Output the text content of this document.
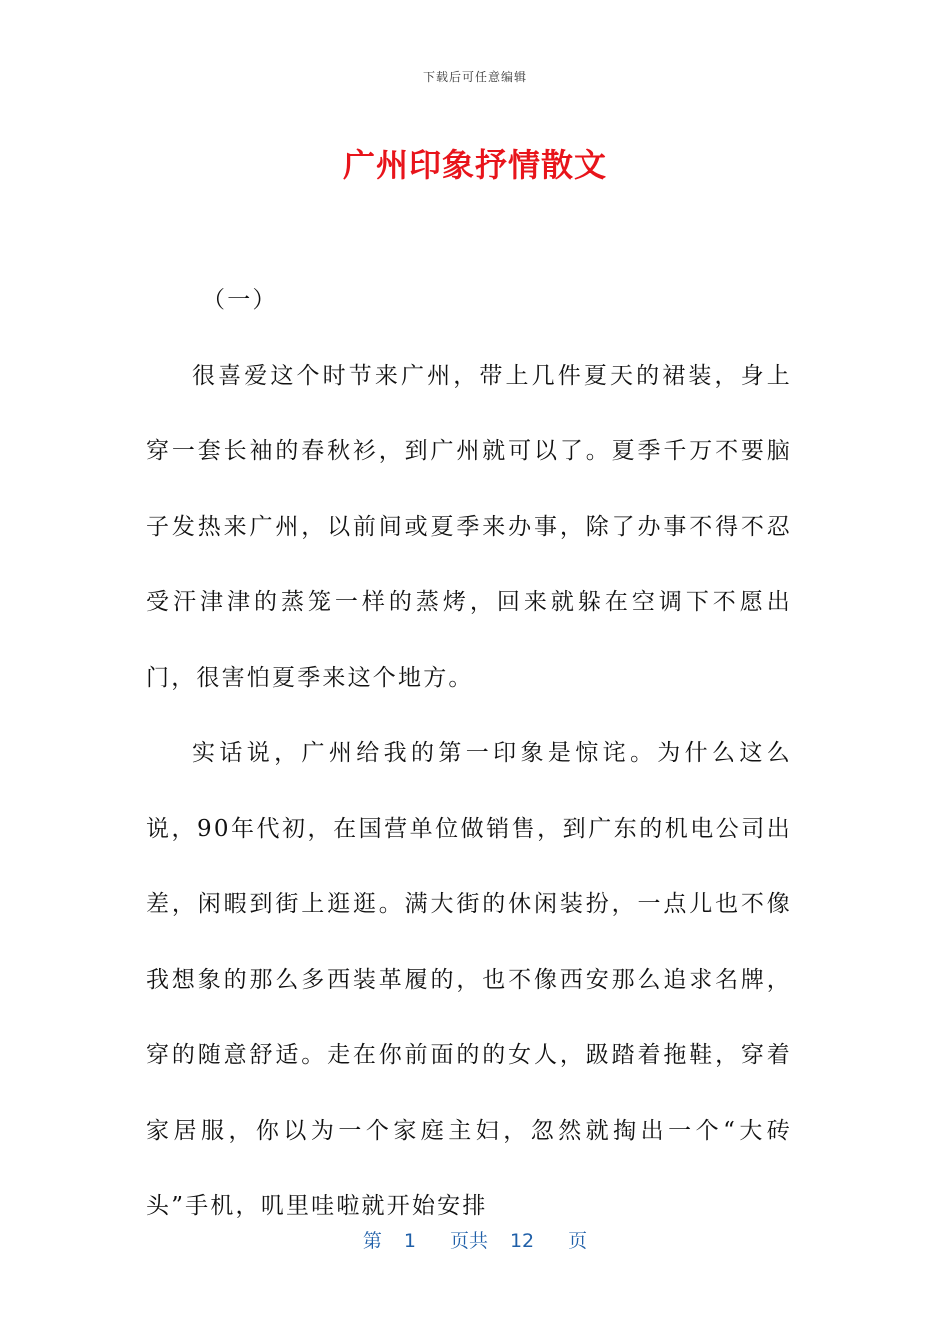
下载后可任意编辑
广州印象抒情散文

（一）

很喜爱这个时节来广州，带上几件夏天的裙装，身上穿一套长袖的春秋衫，到广州就可以了。夏季千万不要脑子发热来广州，以前间或夏季来办事，除了办事不得不忍受汗津津的蒸笼一样的蒸烤，回来就躲在空调下不愿出门，很害怕夏季来这个地方。

实话说，广州给我的第一印象是惊诧。为什么这么说，90年代初，在国营单位做销售，到广东的机电公司出差，闲暇到街上逛逛。满大街的休闲装扮，一点儿也不像我想象的那么多西装革履的，也不像西安那么追求名牌，穿的随意舒适。走在你前面的的女人，趿踏着拖鞋，穿着家居服，你以为一个家庭主妇，忽然就掏出一个“大砖头”手机，叽里哇啦就开始安排

第 1 页共 12 页
